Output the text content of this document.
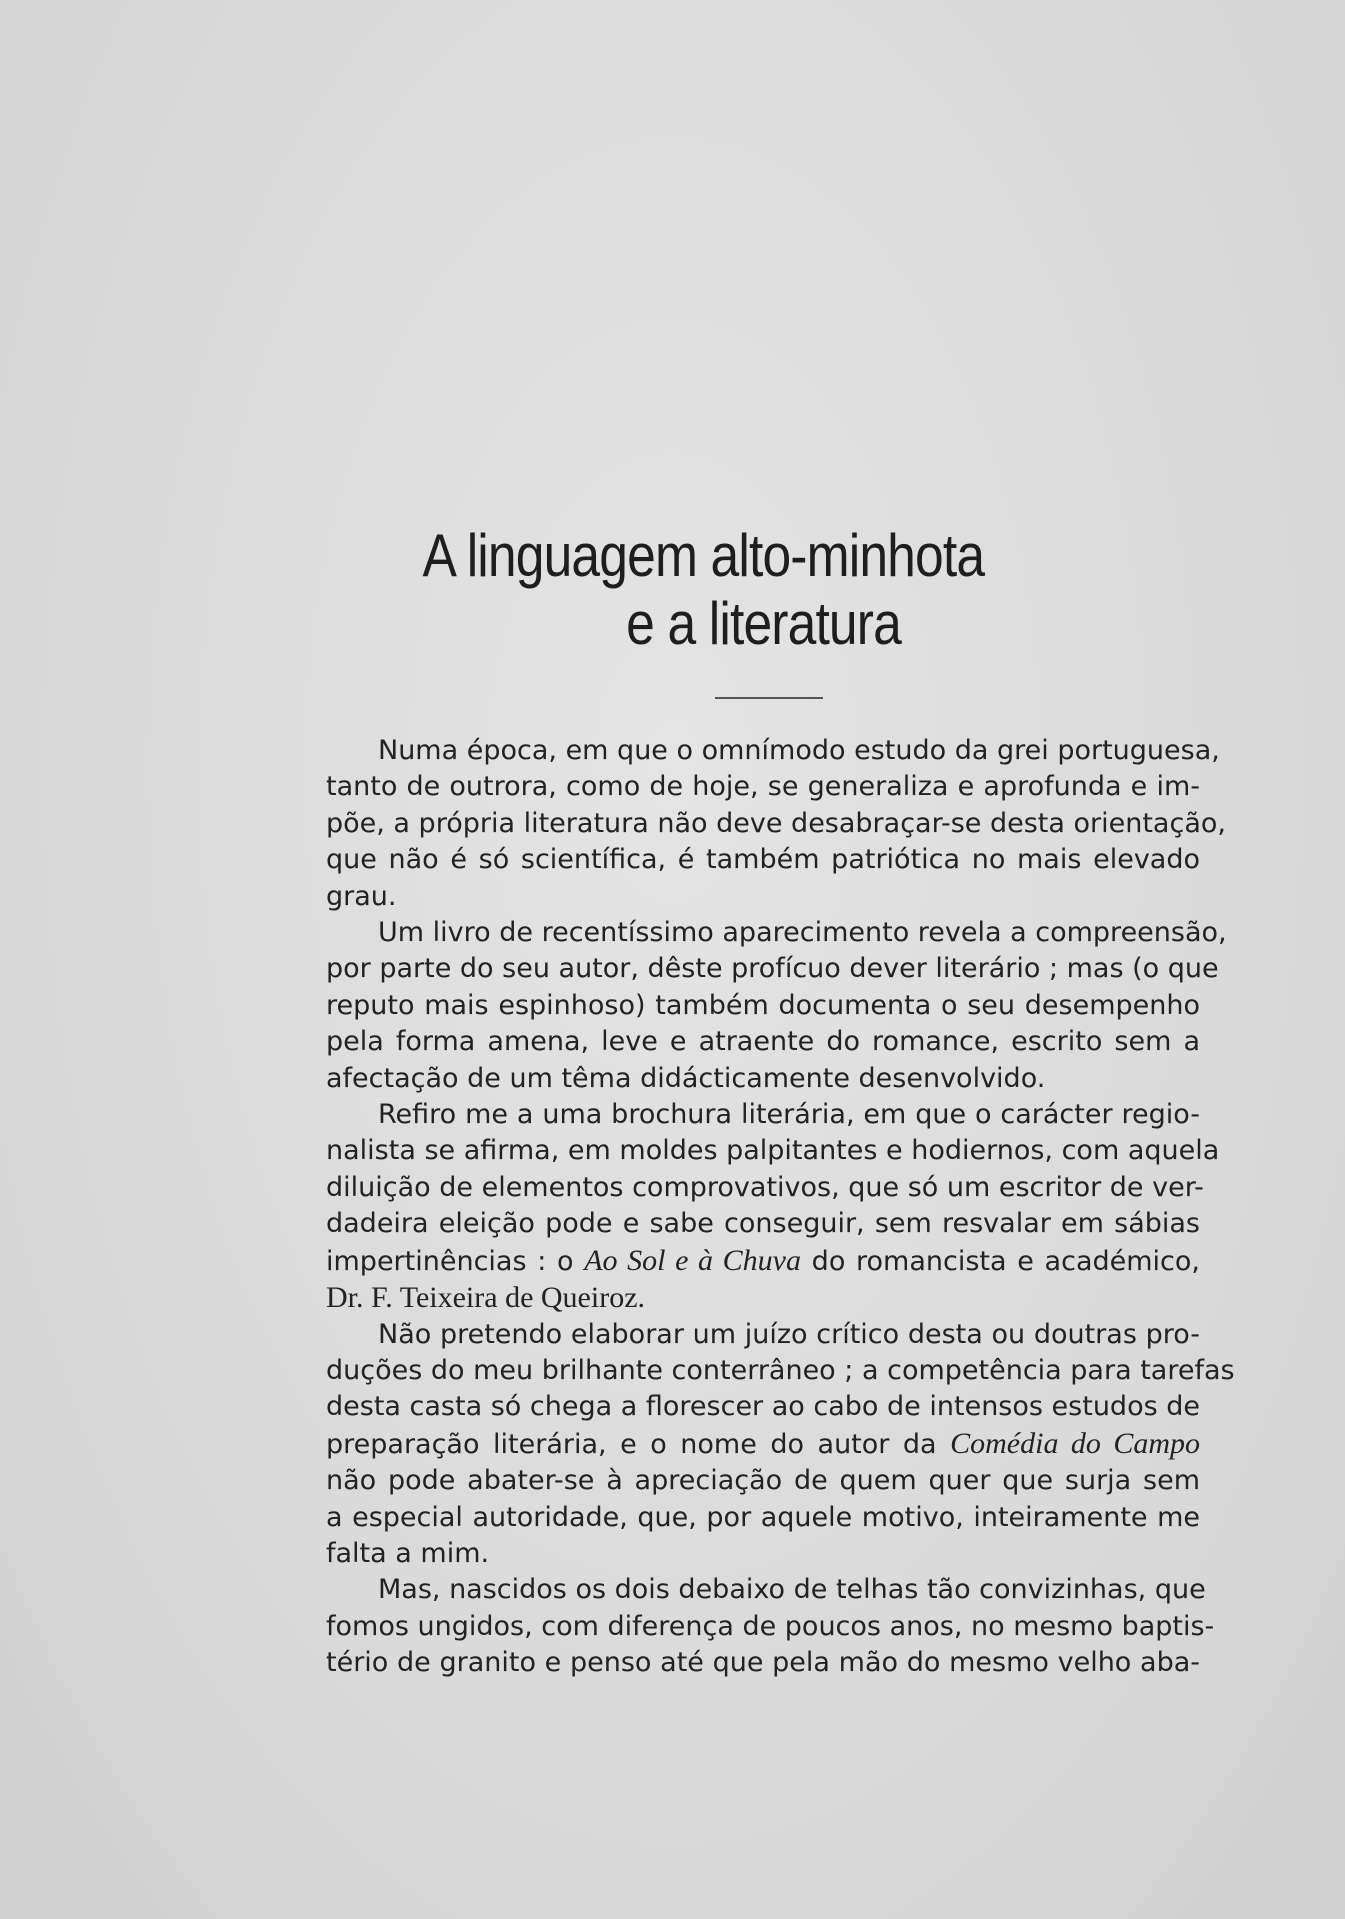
A linguagem alto-minhota
e a literatura
Numa época, em que o omnímodo estudo da grei portuguesa,
tanto de outrora, como de hoje, se generaliza e aprofunda e im-
põe, a própria literatura não deve desabraçar-se desta orientação,
que não é só scientífica, é também patriótica no mais elevado
grau.
Um livro de recentíssimo aparecimento revela a compreensão,
por parte do seu autor, dêste profícuo dever literário ; mas (o que
reputo mais espinhoso) também documenta o seu desempenho
pela forma amena, leve e atraente do romance, escrito sem a
afectação de um têma didácticamente desenvolvido.
Refiro me a uma brochura literária, em que o carácter regio-
nalista se afirma, em moldes palpitantes e hodiernos, com aquela
diluição de elementos comprovativos, que só um escritor de ver-
dadeira eleição pode e sabe conseguir, sem resvalar em sábias
impertinências : o Ao Sol e à Chuva do romancista e académico,
Dr. F. Teixeira de Queiroz.
Não pretendo elaborar um juízo crítico desta ou doutras pro-
duções do meu brilhante conterrâneo ; a competência para tarefas
desta casta só chega a florescer ao cabo de intensos estudos de
preparação literária, e o nome do autor da Comédia do Campo
não pode abater-se à apreciação de quem quer que surja sem
a especial autoridade, que, por aquele motivo, inteiramente me
falta a mim.
Mas, nascidos os dois debaixo de telhas tão convizinhas, que
fomos ungidos, com diferença de poucos anos, no mesmo baptis-
tério de granito e penso até que pela mão do mesmo velho aba-
